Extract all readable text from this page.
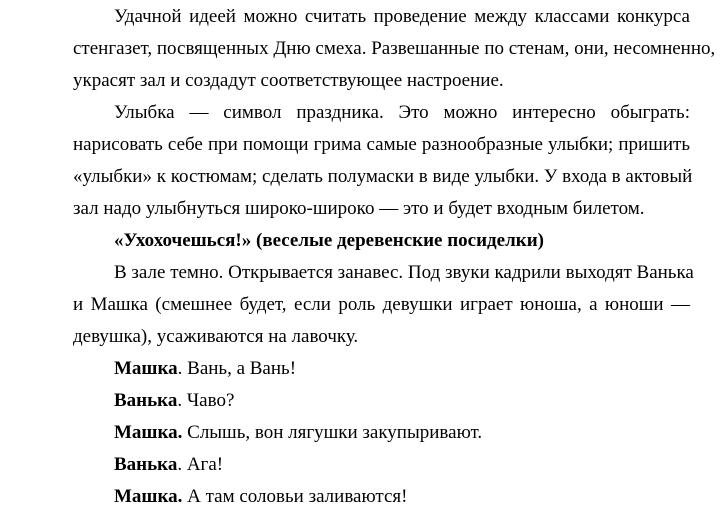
Удачной идеей можно считать проведение между классами конкурса
стенгазет, посвященных Дню смеха. Развешанные по стенам, они, несомненно,
украсят зал и создадут соответствующее настроение.
Улыбка — символ праздника. Это можно интересно обыграть:
нарисовать себе при помощи грима самые разнообразные улыбки; пришить
«улыбки» к костюмам; сделать полумаски в виде улыбки. У входа в актовый
зал надо улыбнуться широко-широко — это и будет входным билетом.
«Ухохочешься!» (веселые деревенские посиделки)
В зале темно. Открывается занавес. Под звуки кадрили выходят Ванька
и Машка (смешнее будет, если роль девушки играет юноша, а юноши —
девушка), усаживаются на лавочку.
Машка. Вань, а Вань!
Ванька. Чаво?
Машка. Слышь, вон лягушки закупыривают.
Ванька. Ага!
Машка. А там соловьи заливаются!
